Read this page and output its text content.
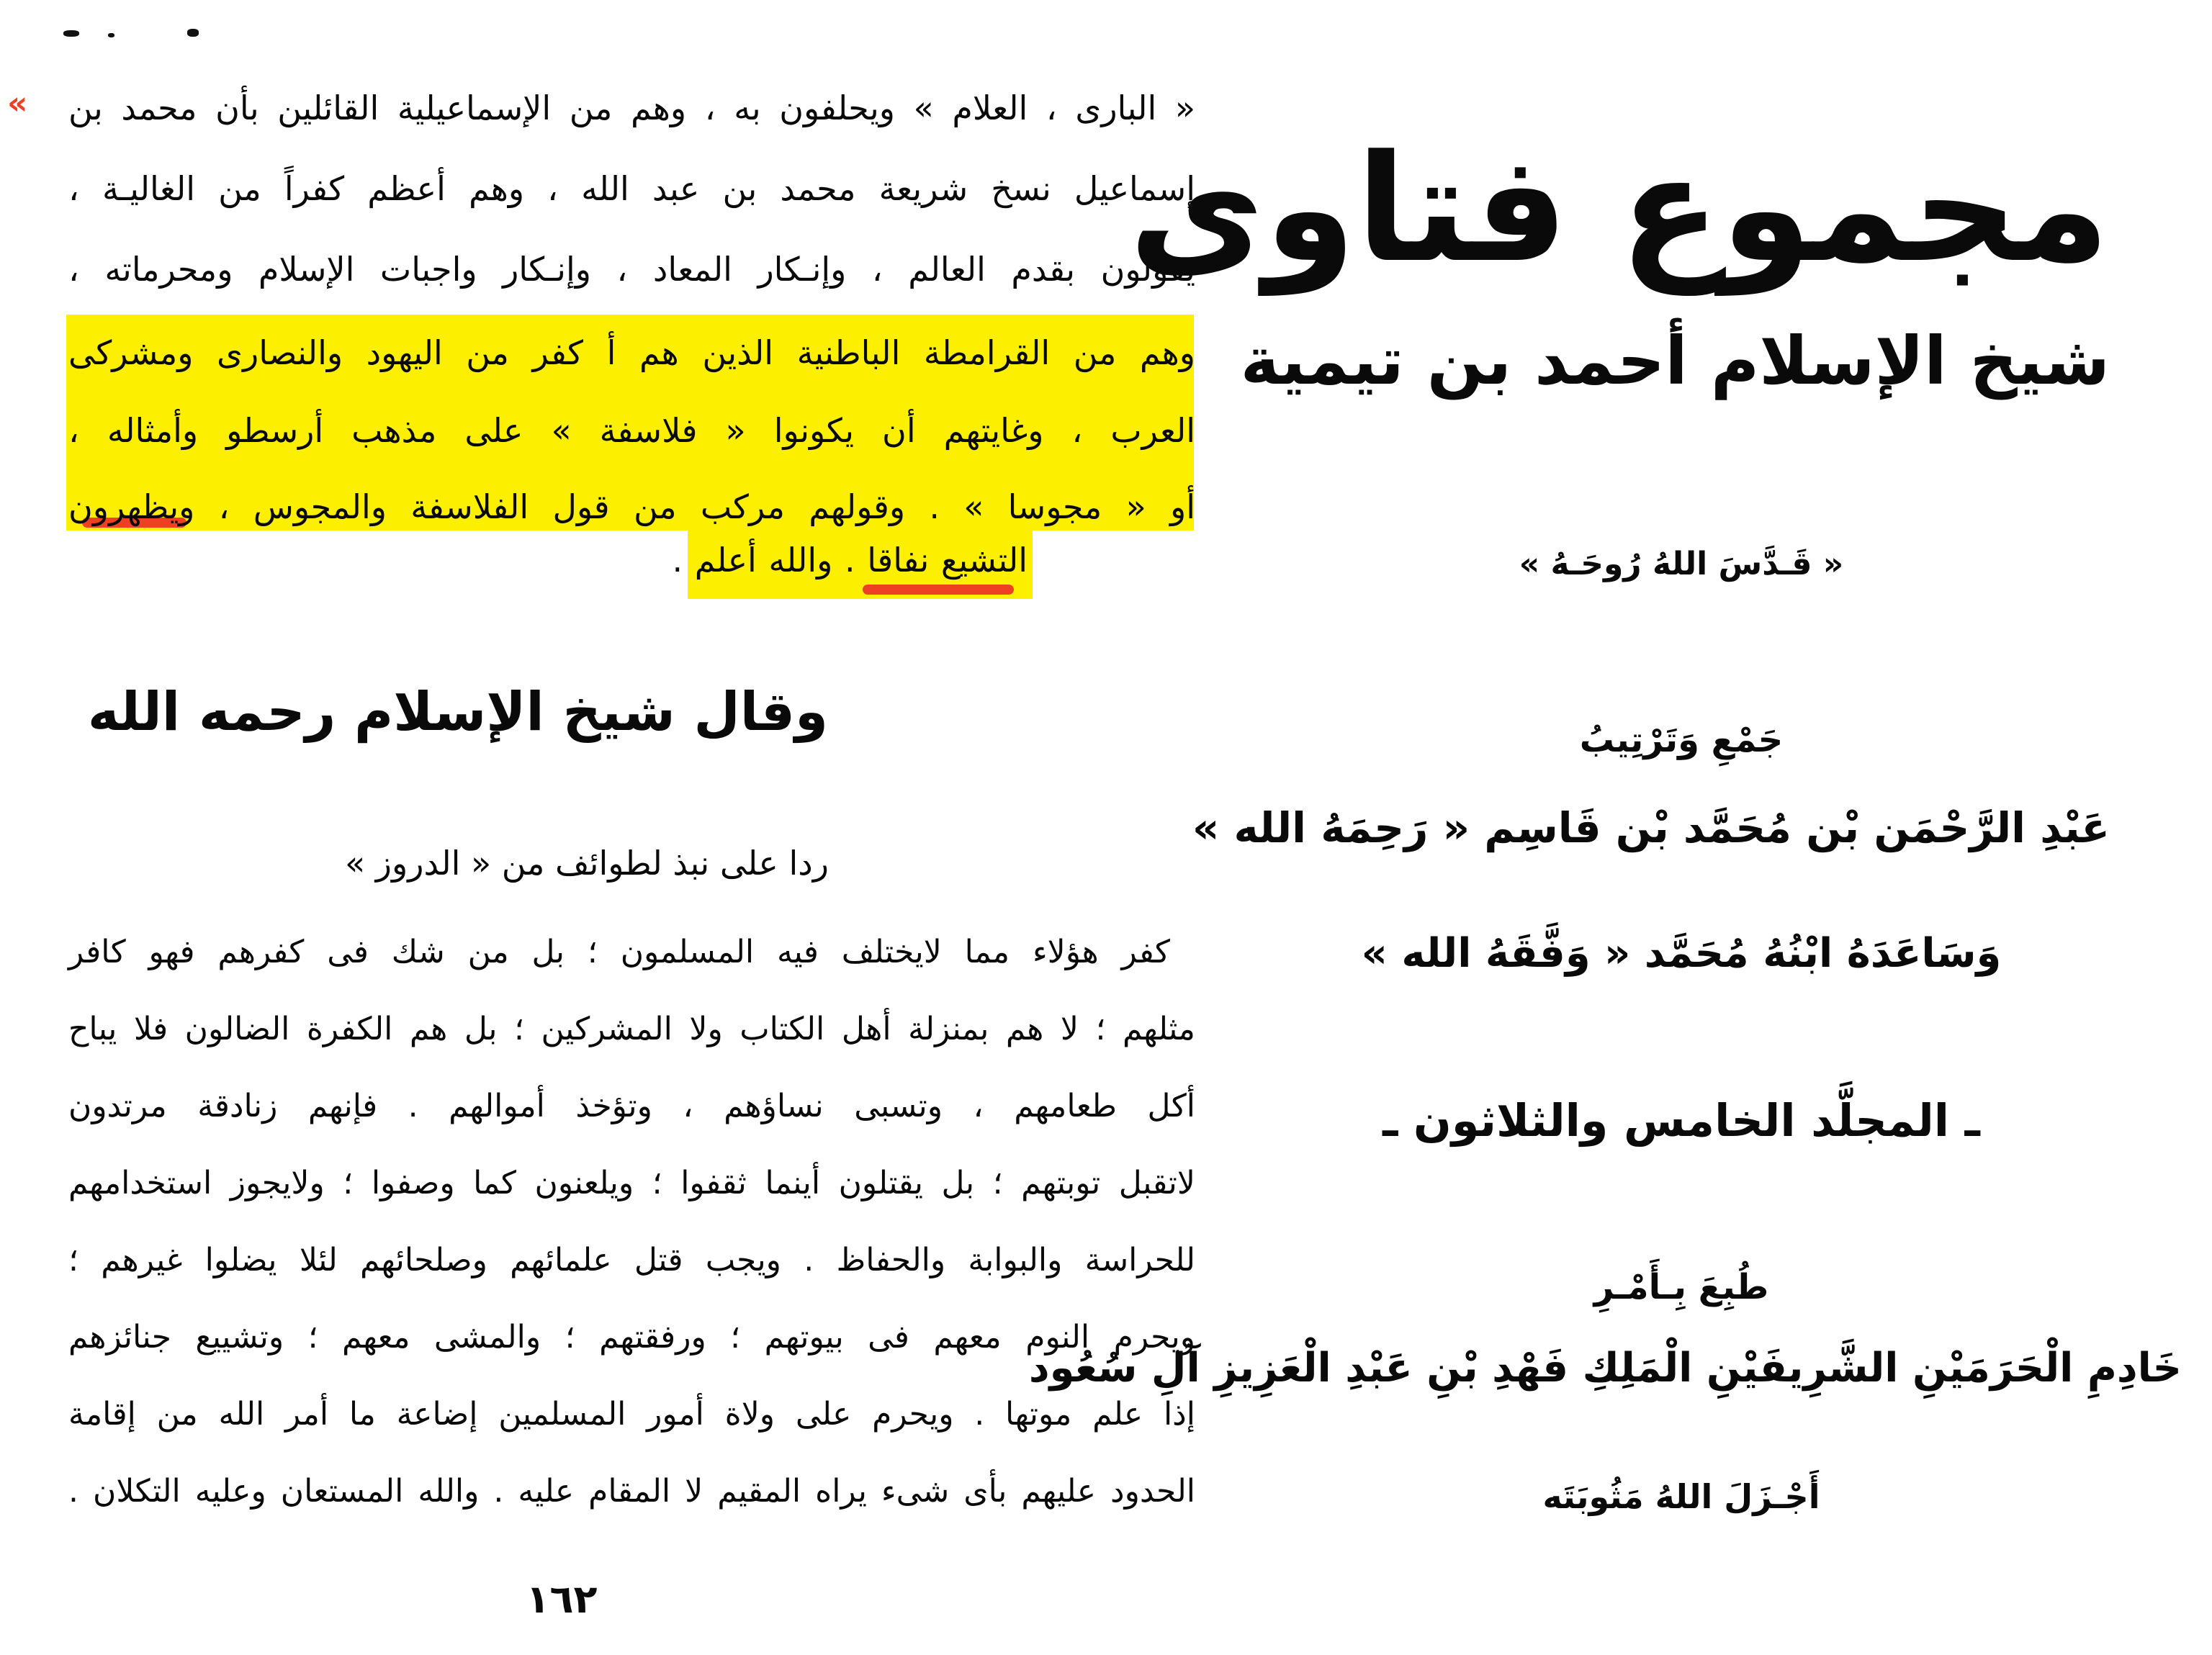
« « البارى ، العلام » ويحلفون به ، وهم من الإسماعيلية القائلين بأن محمد بن
إسماعيل نسخ شريعة محمد بن عبد الله ، وهم أعظم كفراً من الغاليـة ،
يقولون بقدم العالم ، وإنـكار المعاد ، وإنـكار واجبات الإسلام ومحرماته ،
وهم من القرامطة الباطنية الذين هم أ كفر من اليهود والنصارى ومشركى
العرب ، وغايتهم أن يكونوا « فلاسفة » على مذهب أرسطو وأمثاله ،
أو « مجوسا » . وقولهم مركب من قول الفلاسفة والمجوس ، ويظهرون
التشيع نفاقا . والله أعلم .
وقال شيخ الإسلام رحمه الله
ردا على نبذ لطوائف من « الدروز »
كفر هؤلاء مما لايختلف فيه المسلمون ؛ بل من شك فى كفرهم فهو كافر
مثلهم ؛ لا هم بمنزلة أهل الكتاب ولا المشركين ؛ بل هم الكفرة الضالون فلا يباح
أكل طعامهم ، وتسبى نساؤهم ، وتؤخذ أموالهم . فإنهم زنادقة مرتدون
لاتقبل توبتهم ؛ بل يقتلون أينما ثقفوا ؛ ويلعنون كما وصفوا ؛ ولايجوز استخدامهم
للحراسة والبوابة والحفاظ . ويجب قتل علمائهم وصلحائهم لئلا يضلوا غيرهم ؛
ويحرم النوم معهم فى بيوتهم ؛ ورفقتهم ؛ والمشى معهم ؛ وتشييع جنائزهم
إذا علم موتها . ويحرم على ولاة أمور المسلمين إضاعة ما أمر الله من إقامة
الحدود عليهم بأى شىء يراه المقيم لا المقام عليه . والله المستعان وعليه التكلان .
١٦٢
مجموع فتاوى
شيخ الإسلام أحمد بن تيمية
« قَـدَّسَ اللهُ رُوحَـهُ »
جَمْعِ وَتَرْتِيبُ
عَبْدِ الرَّحْمَن بْن مُحَمَّد بْن قَاسِم « رَحِمَهُ الله »
وَسَاعَدَهُ ابْنُهُ مُحَمَّد « وَفَّقَهُ الله »
ـ المجلَّد الخامس والثلاثون ـ
طُبِعَ بِـأَمْـرِ
خَادِمِ الْحَرَمَيْنِ الشَّرِيفَيْنِ الْمَلِكِ فَهْدِ بْنِ عَبْدِ الْعَزِيزِ آلِ سُعُود
أَجْـزَلَ اللهُ مَثُوبَتَه
